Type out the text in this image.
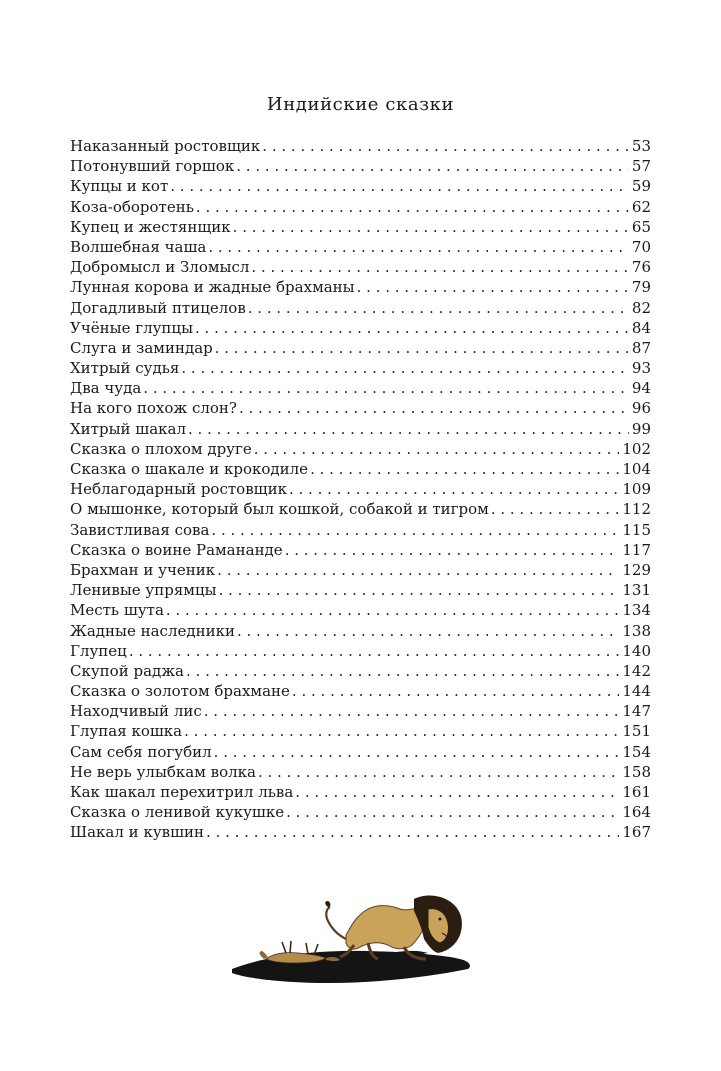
Индийские сказки
Наказанный ростовщик . . .	53
Потонувший горшок . . .	57
Купцы и кот . . .	59
Коза-оборотень . . .	62
Купец и жестянщик . . .	65
Волшебная чаша . . .	70
Добромысл и Зломысл . . .	76
Лунная корова и жадные брахманы . . .	79
Догадливый птицелов . . .	82
Учёные глупцы . . .	84
Слуга и заминдар . . .	87
Хитрый судья . . .	93
Два чуда . . .	94
На кого похож слон? . . .	96
Хитрый шакал . . .	99
Сказка о плохом друге . . .	102
Сказка о шакале и крокодиле . . .	104
Неблагодарный ростовщик . . .	109
О мышонке, который был кошкой, собакой и тигром . . .	112
Завистливая сова . . .	115
Сказка о воине Рамананде . . .	117
Брахман и ученик . . .	129
Ленивые упрямцы . . .	131
Месть шута . . .	134
Жадные наследники . . .	138
Глупец . . .	140
Скупой раджа . . .	142
Сказка о золотом брахмане . . .	144
Находчивый лис . . .	147
Глупая кошка . . .	151
Сам себя погубил . . .	154
Не верь улыбкам волка . . .	158
Как шакал перехитрил льва . . .	161
Сказка о ленивой кукушке . . .	164
Шакал и кувшин . . .	167
